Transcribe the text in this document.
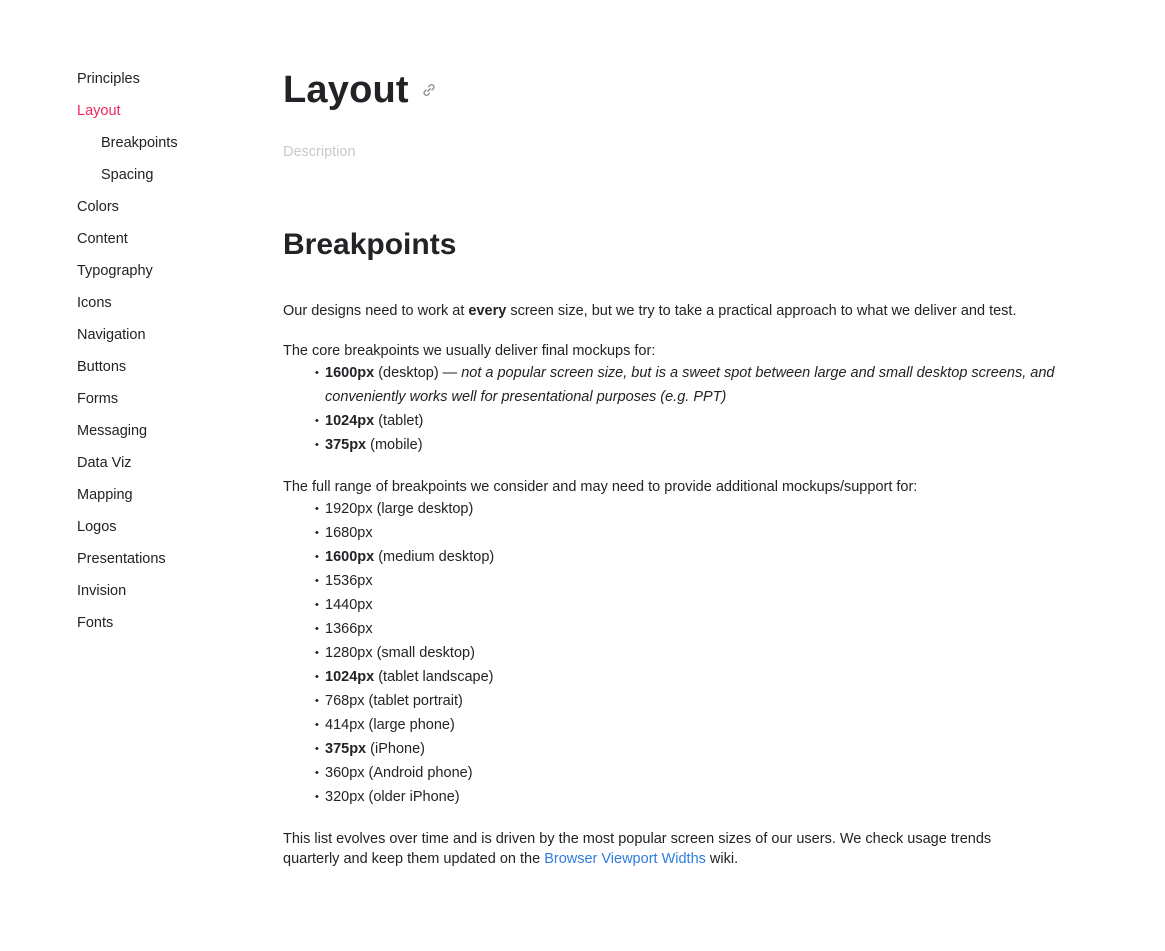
Principles
Layout
Breakpoints
Spacing
Colors
Content
Typography
Icons
Navigation
Buttons
Forms
Messaging
Data Viz
Mapping
Logos
Presentations
Invision
Fonts
Layout
Description
Breakpoints

Our designs need to work at every screen size, but we try to take a practical approach to what we deliver and test.

The core breakpoints we usually deliver final mockups for:

• 1600px (desktop) — not a popular screen size, but is a sweet spot between large and small desktop screens, and conveniently works well for presentational purposes (e.g. PPT)
• 1024px (tablet)
• 375px (mobile)

The full range of breakpoints we consider and may need to provide additional mockups/support for:

• 1920px (large desktop)
• 1680px
• 1600px (medium desktop)
• 1536px
• 1440px
• 1366px
• 1280px (small desktop)
• 1024px (tablet landscape)
• 768px (tablet portrait)
• 414px (large phone)
• 375px (iPhone)
• 360px (Android phone)
• 320px (older iPhone)

This list evolves over time and is driven by the most popular screen sizes of our users. We check usage trends quarterly and keep them updated on the Browser Viewport Widths wiki.
